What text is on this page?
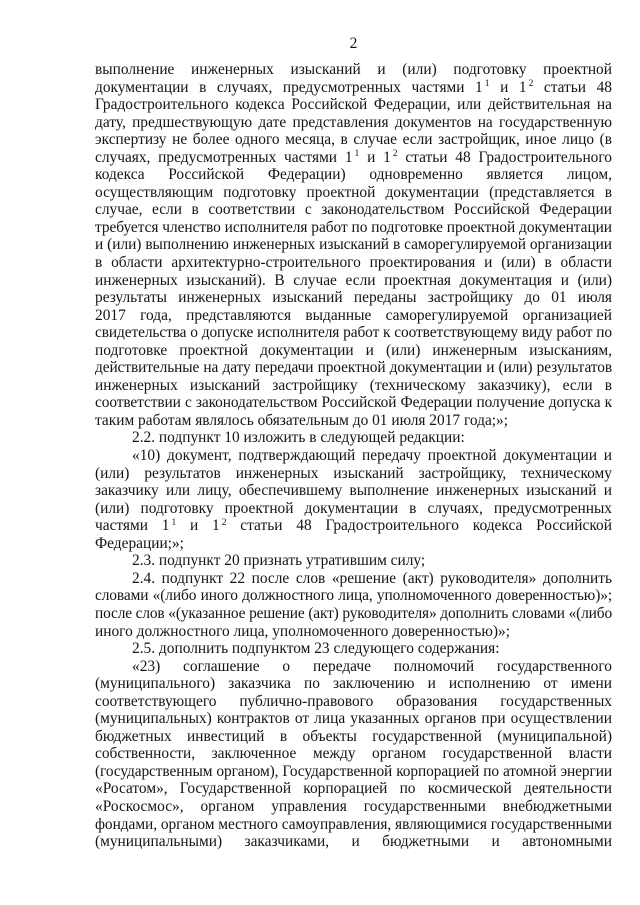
2
выполнение инженерных изысканий и (или) подготовку проектной
документации в случаях, предусмотренных частями 1 $^1$ и 1 $^2$ статьи 48
Градостроительного кодекса Российской Федерации, или действительная на
дату, предшествующую дате представления документов на государственную
экспертизу не более одного месяца, в случае если застройщик, иное лицо (в
случаях, предусмотренных частями 1 $^1$ и 1 $^2$ статьи 48 Градостроительного
кодекса Российской Федерации) одновременно является лицом,
осуществляющим подготовку проектной документации (представляется в
случае, если в соответствии с законодательством Российской Федерации
требуется членство исполнителя работ по подготовке проектной документации
и (или) выполнению инженерных изысканий в саморегулируемой организации
в области архитектурно-строительного проектирования и (или) в области
инженерных изысканий). В случае если проектная документация и (или)
результаты инженерных изысканий переданы застройщику до 01 июля
2017 года, представляются выданные саморегулируемой организацией
свидетельства о допуске исполнителя работ к соответствующему виду работ по
подготовке проектной документации и (или) инженерным изысканиям,
действительные на дату передачи проектной документации и (или) результатов
инженерных изысканий застройщику (техническому заказчику), если в
соответствии с законодательством Российской Федерации получение допуска к
таким работам являлось обязательным до 01 июля 2017 года;»;
2.2. подпункт 10 изложить в следующей редакции:
«10) документ, подтверждающий передачу проектной документации и
(или) результатов инженерных изысканий застройщику, техническому
заказчику или лицу, обеспечившему выполнение инженерных изысканий и
(или) подготовку проектной документации в случаях, предусмотренных
частями 1 $^1$ и 1 $^2$ статьи 48 Градостроительного кодекса Российской
Федерации;»;
2.3. подпункт 20 признать утратившим силу;
2.4. подпункт 22 после слов «решение (акт) руководителя» дополнить
словами «(либо иного должностного лица, уполномоченного доверенностью)»;
после слов «(указанное решение (акт) руководителя» дополнить словами «(либо
иного должностного лица, уполномоченного доверенностью)»;
2.5. дополнить подпунктом 23 следующего содержания:
«23) соглашение о передаче полномочий государственного
(муниципального) заказчика по заключению и исполнению от имени
соответствующего публично-правового образования государственных
(муниципальных) контрактов от лица указанных органов при осуществлении
бюджетных инвестиций в объекты государственной (муниципальной)
собственности, заключенное между органом государственной власти
(государственным органом), Государственной корпорацией по атомной энергии
«Росатом», Государственной корпорацией по космической деятельности
«Роскосмос», органом управления государственными внебюджетными
фондами, органом местного самоуправления, являющимися государственными
(муниципальными) заказчиками, и бюджетными и автономными
